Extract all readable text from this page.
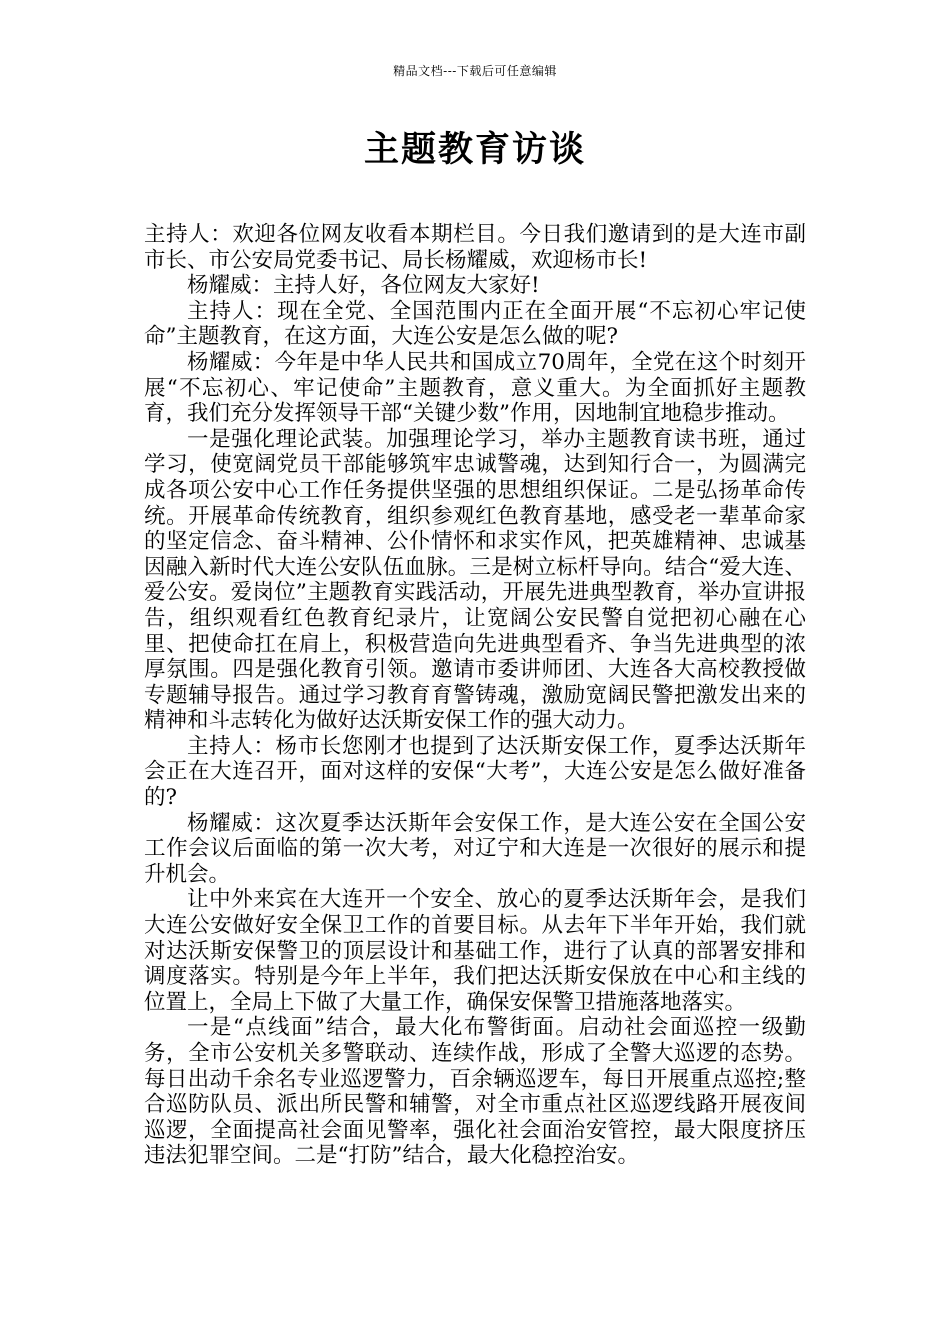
精品文档---下载后可任意编辑
主题教育访谈

主持人：欢迎各位网友收看本期栏目。今日我们邀请到的是大连市副市长、市公安局党委书记、局长杨耀威，欢迎杨市长!

杨耀威：主持人好，各位网友大家好!

主持人：现在全党、全国范围内正在全面开展“不忘初心牢记使命”主题教育，在这方面，大连公安是怎么做的呢?

杨耀威：今年是中华人民共和国成立70周年，全党在这个时刻开展“不忘初心、牢记使命”主题教育，意义重大。为全面抓好主题教育，我们充分发挥领导干部“关键少数”作用，因地制宜地稳步推动。

一是强化理论武装。加强理论学习，举办主题教育读书班，通过学习，使宽阔党员干部能够筑牢忠诚警魂，达到知行合一，为圆满完成各项公安中心工作任务提供坚强的思想组织保证。二是弘扬革命传统。开展革命传统教育，组织参观红色教育基地，感受老一辈革命家的坚定信念、奋斗精神、公仆情怀和求实作风，把英雄精神、忠诚基因融入新时代大连公安队伍血脉。三是树立标杆导向。结合“爱大连、爱公安。爱岗位”主题教育实践活动，开展先进典型教育，举办宣讲报告，组织观看红色教育纪录片，让宽阔公安民警自觉把初心融在心里、把使命扛在肩上，积极营造向先进典型看齐、争当先进典型的浓厚氛围。四是强化教育引领。邀请市委讲师团、大连各大高校教授做专题辅导报告。通过学习教育育警铸魂，激励宽阔民警把激发出来的精神和斗志转化为做好达沃斯安保工作的强大动力。

主持人：杨市长您刚才也提到了达沃斯安保工作，夏季达沃斯年会正在大连召开，面对这样的安保“大考”，大连公安是怎么做好准备的?

杨耀威：这次夏季达沃斯年会安保工作，是大连公安在全国公安工作会议后面临的第一次大考，对辽宁和大连是一次很好的展示和提升机会。

让中外来宾在大连开一个安全、放心的夏季达沃斯年会，是我们大连公安做好安全保卫工作的首要目标。从去年下半年开始，我们就对达沃斯安保警卫的顶层设计和基础工作，进行了认真的部署安排和调度落实。特别是今年上半年，我们把达沃斯安保放在中心和主线的位置上，全局上下做了大量工作，确保安保警卫措施落地落实。

一是“点线面”结合，最大化布警街面。启动社会面巡控一级勤务，全市公安机关多警联动、连续作战，形成了全警大巡逻的态势。每日出动千余名专业巡逻警力，百余辆巡逻车，每日开展重点巡控;整合巡防队员、派出所民警和辅警，对全市重点社区巡逻线路开展夜间巡逻，全面提高社会面见警率，强化社会面治安管控，最大限度挤压违法犯罪空间。二是“打防”结合，最大化稳控治安。
